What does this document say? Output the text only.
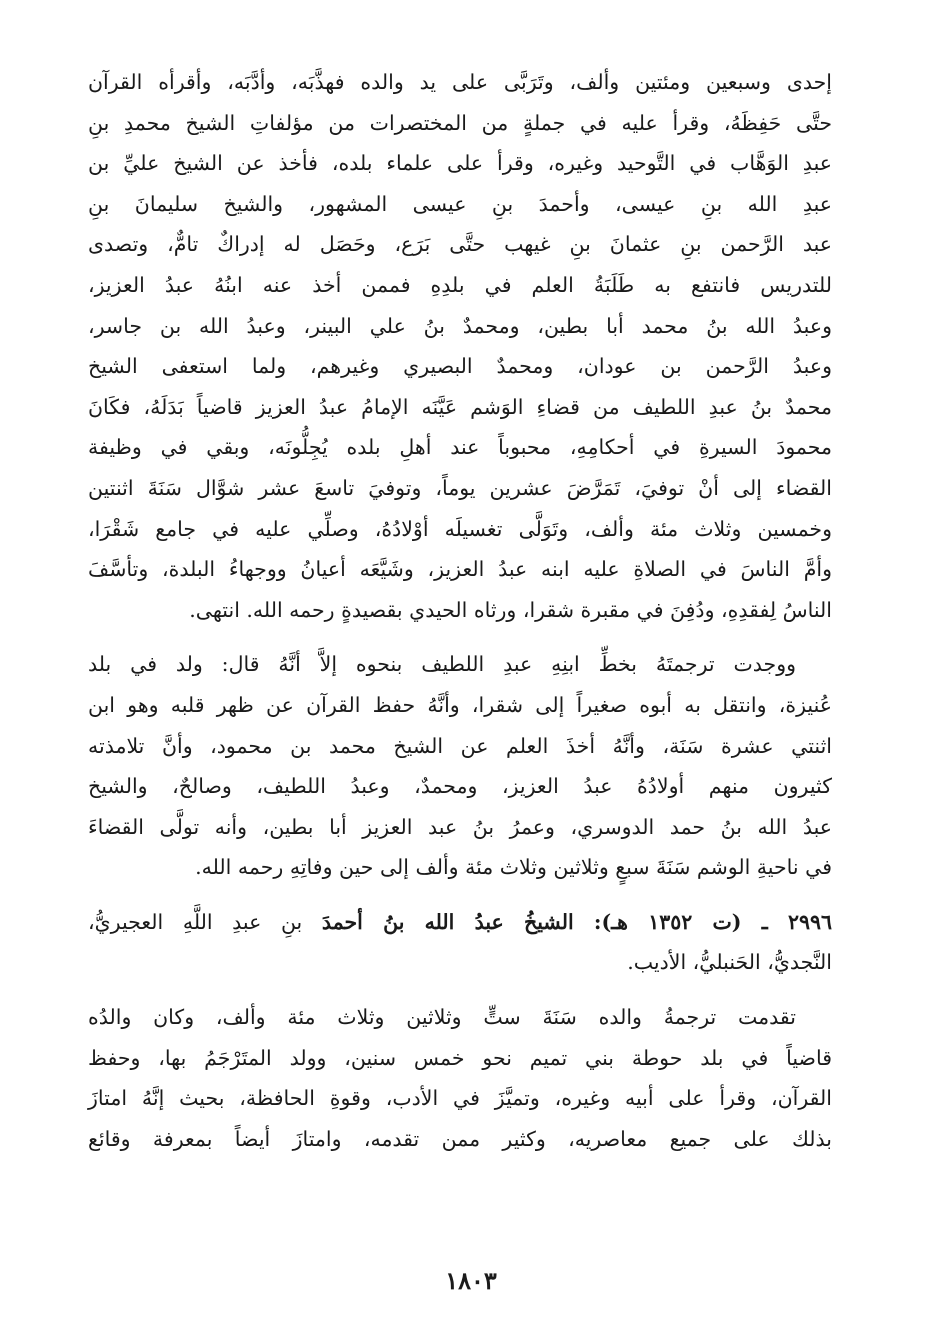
إحدى وسبعين ومئتين وألف، وتَرَبَّى على يد والده فهذَّبَه، وأدَّبَه، وأقرأه القرآن
حتَّى حَفِظَهُ، وقرأ عليه في جملةٍ من المختصرات من مؤلفاتِ الشيخ محمدِ بنِ
عبدِ الوَهَّاب في التَّوحيد وغيره، وقرأ على علماء بلده، فأخذ عن الشيخ عليِّ بن
عبدِ الله بنِ عيسى، وأحمدَ بنِ عيسى المشهور، والشيخ سليمانَ بنِ
عبد الرَّحمن بنِ عثمانَ بنِ غيهب حتَّى بَرَع، وحَصَل له إدراكٌ تامٌّ، وتصدى
للتدريس فانتفع به طَلَبَةُ العلم في بلدِهِ فممن أخذ عنه ابنُهُ عبدُ العزيز،
وعبدُ الله بنُ محمد أبا بطين، ومحمدٌ بنُ علي البينر، وعبدُ الله بن جاسر،
وعبدُ الرَّحمن بن عودان، ومحمدٌ البصيري وغيرهم، ولما استعفى الشيخ
محمدٌ بنُ عبدِ اللطيف من قضاءِ الوَشم عَيَّنَه الإمامُ عبدُ العزيز قاضياً بَدَلَهُ، فكَانَ
محمودَ السيرةِ في أحكامِهِ، محبوباً عند أهلِ بلده يُجِلُّونَه، وبقي في وظيفة
القضاء إلى أنْ توفيَ، تَمَرَّضَ عشرين يوماً، وتوفيَ تاسعَ عشر شوَّال سَنَةَ اثنتين
وخمسين وثلاث مئة وألف، وتَوَلَّى تغسيلَه أوْلادُهُ، وصلِّي عليه في جامع شَقْرَا،
وأمَّ الناسَ في الصلاةِ عليه ابنه عبدُ العزيز، وشَيَّعَه أعيانُ ووجهاءُ البلدة، وتأسَّفَ
الناسُ لِفقدِهِ، ودُفِنَ في مقبرة شقرا، ورثاه الحيدي بقصيدةٍ رحمه الله. انتهى.
ووجدت ترجمتَهُ بخطِّ ابنِهِ عبدِ اللطيف بنحوه إلاَّ أنَّهُ قال: ولد في بلد
عُنيزة، وانتقل به أبوه صغيراً إلى شقرا، وأنَّهُ حفظ القرآن عن ظهر قلبه وهو ابن
اثنتي عشرة سَنَة، وأنَّهُ أخذَ العلم عن الشيخ محمد بن محمود، وأنَّ تلامذته
كثيرون منهم أولادُهُ عبدُ العزيز، ومحمدٌ، وعبدُ اللطيف، وصالحٌ، والشيخ
عبدُ الله بنُ حمد الدوسري، وعمرُ بنُ عبد العزيز أبا بطين، وأنه تولَّى القضاءَ
في ناحيةِ الوشم سَنَةَ سبعٍ وثلاثين وثلاث مئة وألف إلى حين وفاتِهِ رحمه الله.
٢٩٩٦ ـ (ت ١٣٥٢ هـ): الشيخُ عبدُ الله بنُ أحمدَ بنِ عبدِ اللَّهِ العجيريُّ،
النَّجديُّ، الحَنبليُّ، الأديب.
تقدمت ترجمةُ والده سَنَةَ ستٍّ وثلاثين وثلاث مئة وألف، وكان والدُه
قاضياً في بلد حوطة بني تميم نحو خمس سنين، وولد المتَرْجَمُ بها، وحفظ
القرآن، وقرأ على أبيه وغيره، وتميَّزَ في الأدب، وقوةِ الحافظة، بحيث إنَّهُ امتازَ
بذلك على جميع معاصريه، وكثير ممن تقدمه، وامتازَ أيضاً بمعرفة وقائع
١٨٠٣
